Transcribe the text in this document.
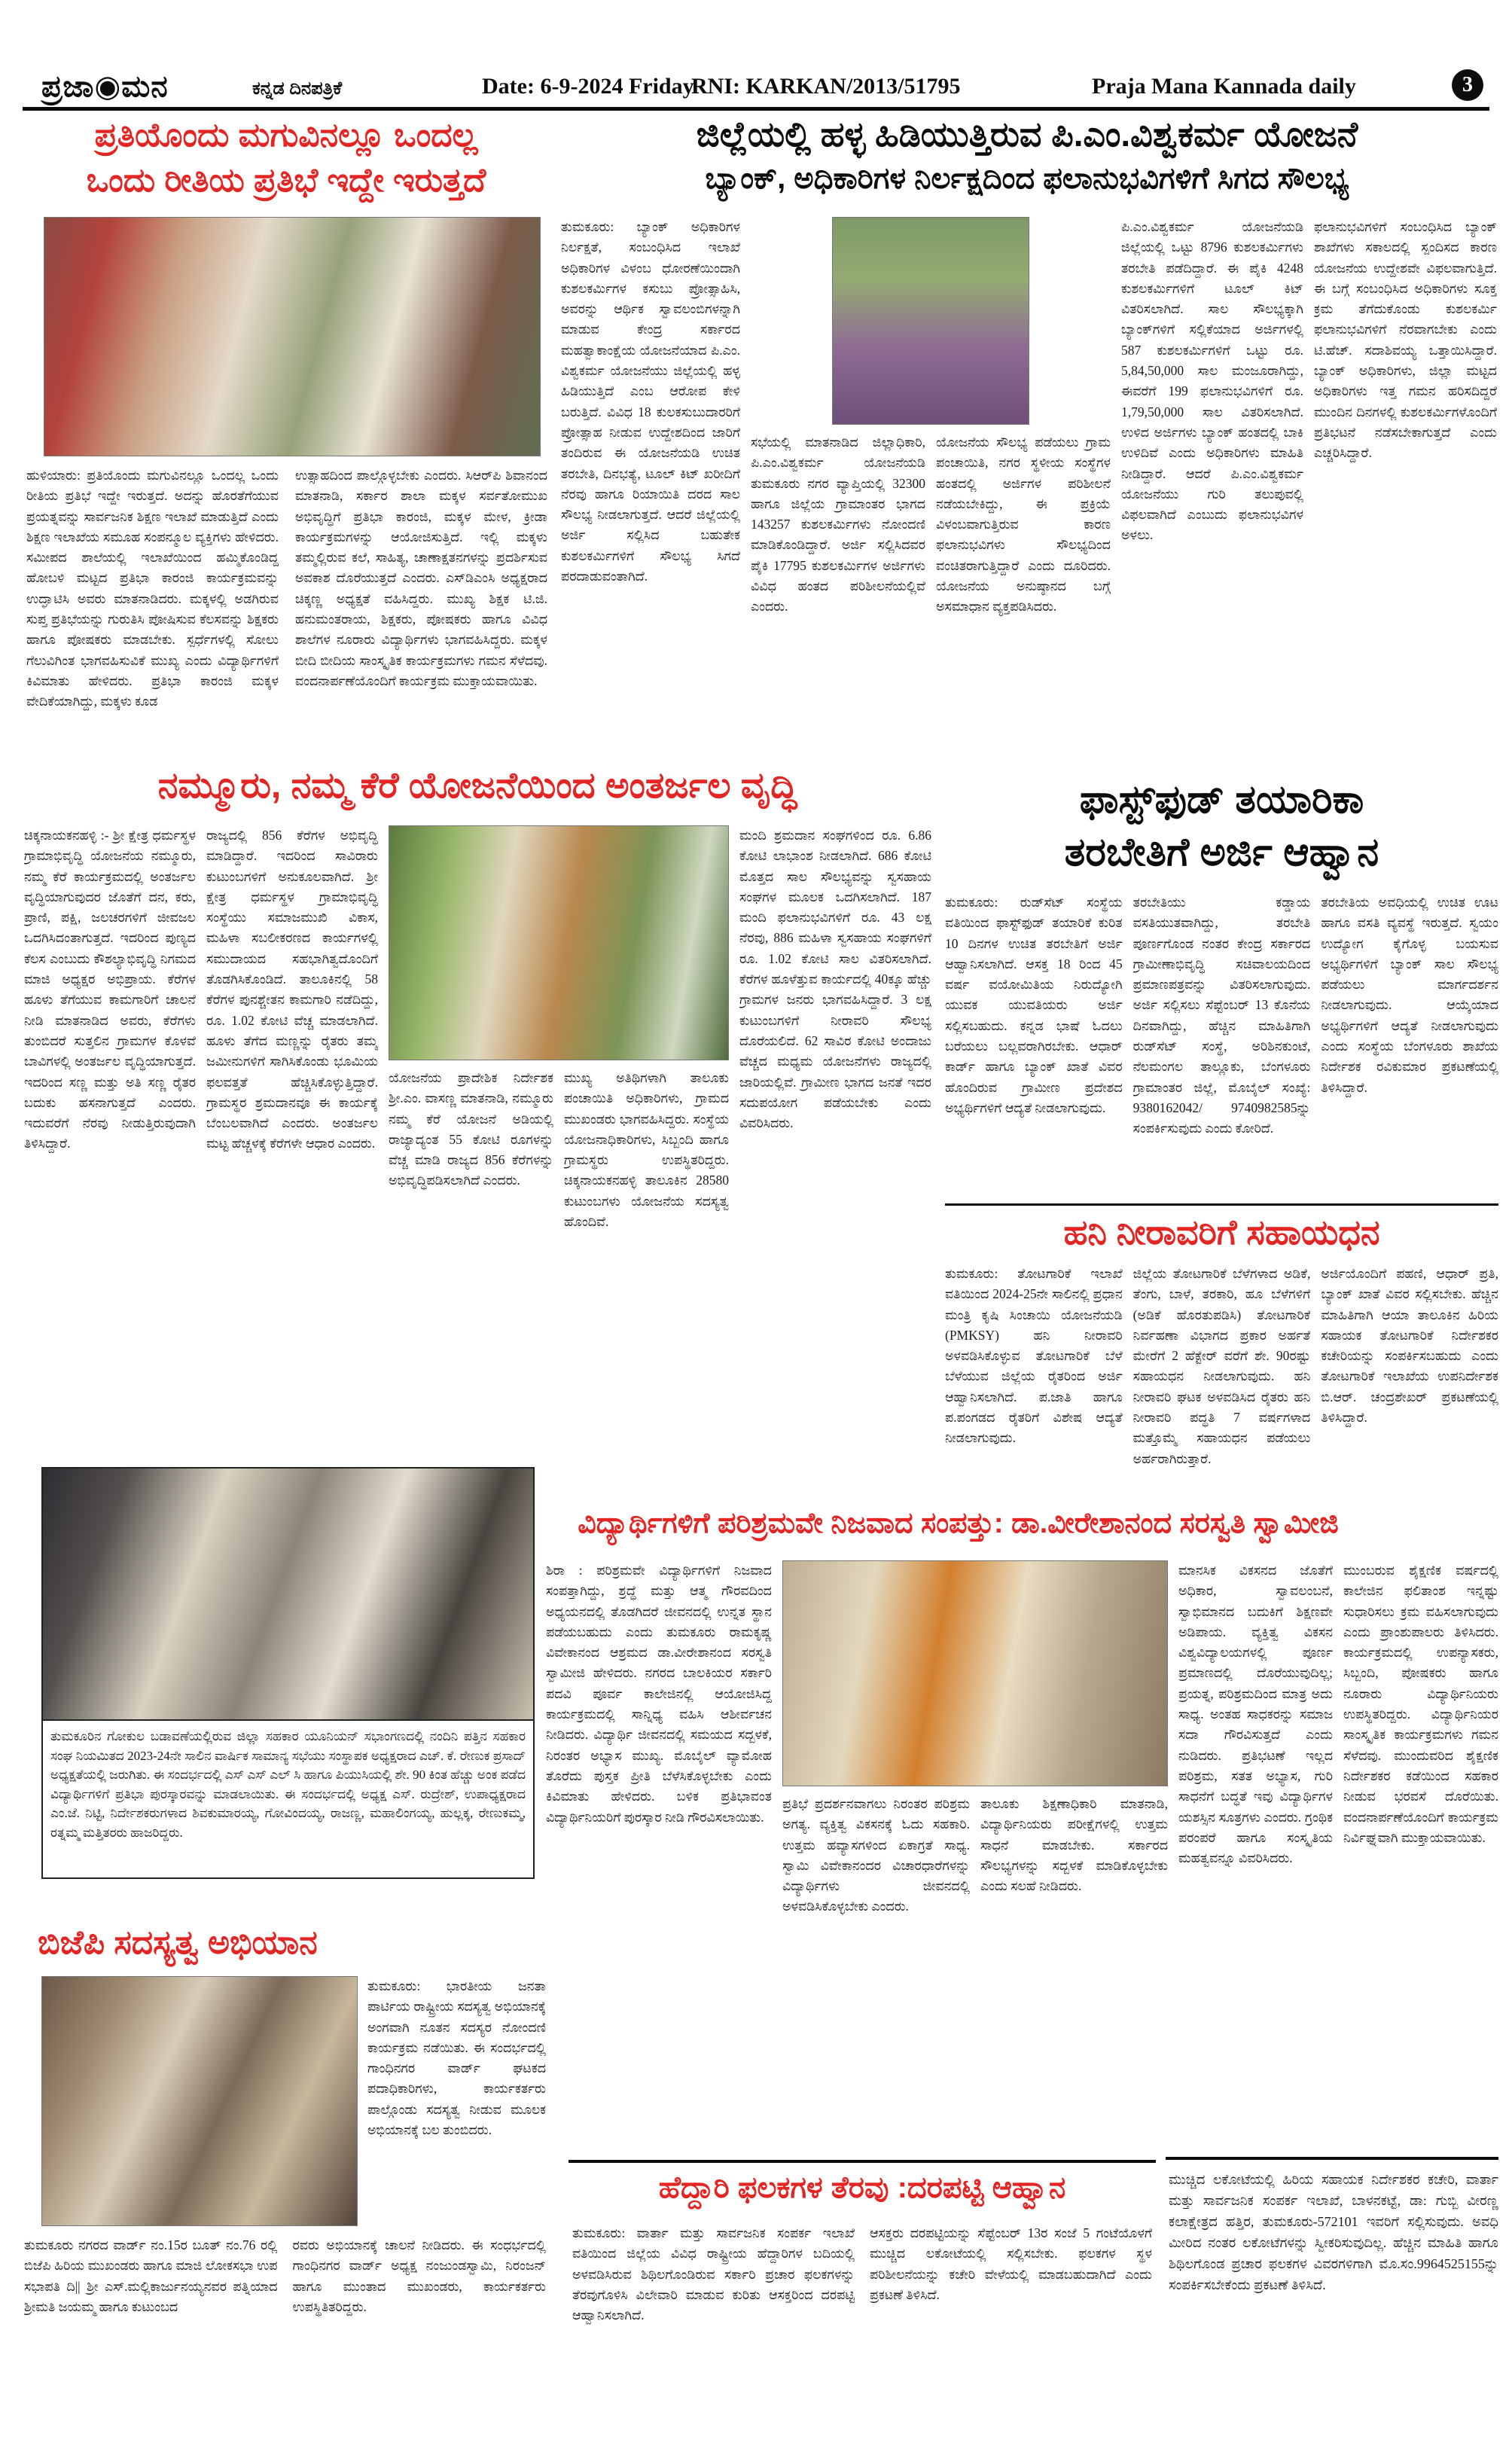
ಪ್ರಜಾ◉ಮನ	ಕನ್ನಡ ದಿನಪತ್ರಿಕೆ	Date: 6-9-2024 Friday
RNI: KARKAN/2013/51795	Praja Mana Kannada daily	3
ಪ್ರತಿಯೊಂದು ಮಗುವಿನಲ್ಲೂ ಒಂದಲ್ಲ
ಒಂದು ರೀತಿಯ ಪ್ರತಿಭೆ ಇದ್ದೇ ಇರುತ್ತದೆ
ಹುಳಿಯಾರು: ಪ್ರತಿಯೊಂದು ಮಗುವಿನಲ್ಲೂ ಒಂದಲ್ಲ ಒಂದು ರೀತಿಯ ಪ್ರತಿಭೆ ಇದ್ದೇ ಇರುತ್ತದೆ. ಅದನ್ನು ಹೊರತೆಗೆಯುವ ಪ್ರಯತ್ನವನ್ನು ಸಾರ್ವಜನಿಕ ಶಿಕ್ಷಣ ಇಲಾಖೆ ಮಾಡುತ್ತಿದೆ ಎಂದು ಶಿಕ್ಷಣ ಇಲಾಖೆಯ ಸಮೂಹ ಸಂಪನ್ಮೂಲ ವ್ಯಕ್ತಿಗಳು ಹೇಳಿದರು. ಸಮೀಪದ ಶಾಲೆಯಲ್ಲಿ ಇಲಾಖೆಯಿಂದ ಹಮ್ಮಿಕೊಂಡಿದ್ದ ಹೋಬಳಿ ಮಟ್ಟದ ಪ್ರತಿಭಾ ಕಾರಂಜಿ ಕಾರ್ಯಕ್ರಮವನ್ನು ಉದ್ಘಾಟಿಸಿ ಅವರು ಮಾತನಾಡಿದರು. ಮಕ್ಕಳಲ್ಲಿ ಅಡಗಿರುವ ಸುಪ್ತ ಪ್ರತಿಭೆಯನ್ನು ಗುರುತಿಸಿ ಪೋಷಿಸುವ ಕೆಲಸವನ್ನು ಶಿಕ್ಷಕರು ಹಾಗೂ ಪೋಷಕರು ಮಾಡಬೇಕು. ಸ್ಪರ್ಧೆಗಳಲ್ಲಿ ಸೋಲು ಗೆಲುವಿಗಿಂತ ಭಾಗವಹಿಸುವಿಕೆ ಮುಖ್ಯ ಎಂದು ವಿದ್ಯಾರ್ಥಿಗಳಿಗೆ ಕಿವಿಮಾತು ಹೇಳಿದರು. ಪ್ರತಿಭಾ ಕಾರಂಜಿ ಮಕ್ಕಳ ವೇದಿಕೆಯಾಗಿದ್ದು, ಮಕ್ಕಳು ಕೂಡ
ಉತ್ಸಾಹದಿಂದ ಪಾಲ್ಗೊಳ್ಳಬೇಕು ಎಂದರು. ಸಿಆರ್‌ಪಿ ಶಿವಾನಂದ ಮಾತನಾಡಿ, ಸರ್ಕಾರ ಶಾಲಾ ಮಕ್ಕಳ ಸರ್ವತೋಮುಖ ಅಭಿವೃದ್ಧಿಗೆ ಪ್ರತಿಭಾ ಕಾರಂಜಿ, ಮಕ್ಕಳ ಮೇಳ, ಕ್ರೀಡಾ ಕಾರ್ಯಕ್ರಮಗಳನ್ನು ಆಯೋಜಿಸುತ್ತಿದೆ. ಇಲ್ಲಿ ಮಕ್ಕಳು ತಮ್ಮಲ್ಲಿರುವ ಕಲೆ, ಸಾಹಿತ್ಯ, ಚಾಣಾಕ್ಷತನಗಳನ್ನು ಪ್ರದರ್ಶಿಸುವ ಅವಕಾಶ ದೊರೆಯುತ್ತದೆ ಎಂದರು. ಎಸ್‌ಡಿಎಂಸಿ ಅಧ್ಯಕ್ಷರಾದ ಚಿಕ್ಕಣ್ಣ ಅಧ್ಯಕ್ಷತೆ ವಹಿಸಿದ್ದರು. ಮುಖ್ಯ ಶಿಕ್ಷಕ ಟಿ.ಜಿ. ಹನುಮಂತರಾಯ, ಶಿಕ್ಷಕರು, ಪೋಷಕರು ಹಾಗೂ ವಿವಿಧ ಶಾಲೆಗಳ ನೂರಾರು ವಿದ್ಯಾರ್ಥಿಗಳು ಭಾಗವಹಿಸಿದ್ದರು. ಮಕ್ಕಳ ಬೀದಿ ಬೀದಿಯ ಸಾಂಸ್ಕೃತಿಕ ಕಾರ್ಯಕ್ರಮಗಳು ಗಮನ ಸೆಳೆದವು. ವಂದನಾರ್ಪಣೆಯೊಂದಿಗೆ ಕಾರ್ಯಕ್ರಮ ಮುಕ್ತಾಯವಾಯಿತು.
ಜಿಲ್ಲೆಯಲ್ಲಿ ಹಳ್ಳ ಹಿಡಿಯುತ್ತಿರುವ ಪಿ.ಎಂ.ವಿಶ್ವಕರ್ಮ ಯೋಜನೆ
ಬ್ಯಾಂಕ್, ಅಧಿಕಾರಿಗಳ ನಿರ್ಲಕ್ಷದಿಂದ ಫಲಾನುಭವಿಗಳಿಗೆ ಸಿಗದ ಸೌಲಭ್ಯ
ತುಮಕೂರು: ಬ್ಯಾಂಕ್ ಅಧಿಕಾರಿಗಳ ನಿರ್ಲಕ್ಷತೆ, ಸಂಬಂಧಿಸಿದ ಇಲಾಖೆ ಅಧಿಕಾರಿಗಳ ವಿಳಂಬ ಧೋರಣೆಯಿಂದಾಗಿ ಕುಶಲಕರ್ಮಿಗಳ ಕಸುಬು ಪ್ರೋತ್ಸಾಹಿಸಿ, ಅವರನ್ನು ಆರ್ಥಿಕ ಸ್ವಾವಲಂಬಿಗಳನ್ನಾಗಿ ಮಾಡುವ ಕೇಂದ್ರ ಸರ್ಕಾರದ ಮಹತ್ವಾಕಾಂಕ್ಷೆಯ ಯೋಜನೆಯಾದ ಪಿ.ಎಂ. ವಿಶ್ವಕರ್ಮ ಯೋಜನೆಯು ಜಿಲ್ಲೆಯಲ್ಲಿ ಹಳ್ಳ ಹಿಡಿಯುತ್ತಿದೆ ಎಂಬ ಆರೋಪ ಕೇಳಿ ಬರುತ್ತಿದೆ. ವಿವಿಧ 18 ಕುಲಕಸುಬುದಾರರಿಗೆ ಪ್ರೋತ್ಸಾಹ ನೀಡುವ ಉದ್ದೇಶದಿಂದ ಜಾರಿಗೆ ತಂದಿರುವ ಈ ಯೋಜನೆಯಡಿ ಉಚಿತ ತರಬೇತಿ, ದಿನಭತ್ಯೆ, ಟೂಲ್ ಕಿಟ್ ಖರೀದಿಗೆ ನೆರವು ಹಾಗೂ ರಿಯಾಯಿತಿ ದರದ ಸಾಲ ಸೌಲಭ್ಯ ನೀಡಲಾಗುತ್ತದೆ. ಆದರೆ ಜಿಲ್ಲೆಯಲ್ಲಿ ಅರ್ಜಿ ಸಲ್ಲಿಸಿದ ಬಹುತೇಕ ಕುಶಲಕರ್ಮಿಗಳಿಗೆ ಸೌಲಭ್ಯ ಸಿಗದೆ ಪರದಾಡುವಂತಾಗಿದೆ.
ಸಭೆಯಲ್ಲಿ ಮಾತನಾಡಿದ ಜಿಲ್ಲಾಧಿಕಾರಿ, ಪಿ.ಎಂ.ವಿಶ್ವಕರ್ಮ ಯೋಜನೆಯಡಿ ತುಮಕೂರು ನಗರ ವ್ಯಾಪ್ತಿಯಲ್ಲಿ 32300 ಹಾಗೂ ಜಿಲ್ಲೆಯ ಗ್ರಾಮಾಂತರ ಭಾಗದ 143257 ಕುಶಲಕರ್ಮಿಗಳು ನೋಂದಣಿ ಮಾಡಿಕೊಂಡಿದ್ದಾರೆ. ಅರ್ಜಿ ಸಲ್ಲಿಸಿದವರ ಪೈಕಿ 17795 ಕುಶಲಕರ್ಮಿಗಳ ಅರ್ಜಿಗಳು ವಿವಿಧ ಹಂತದ ಪರಿಶೀಲನೆಯಲ್ಲಿವೆ ಎಂದರು.
ಯೋಜನೆಯ ಸೌಲಭ್ಯ ಪಡೆಯಲು ಗ್ರಾಮ ಪಂಚಾಯಿತಿ, ನಗರ ಸ್ಥಳೀಯ ಸಂಸ್ಥೆಗಳ ಹಂತದಲ್ಲಿ ಅರ್ಜಿಗಳ ಪರಿಶೀಲನೆ ನಡೆಯಬೇಕಿದ್ದು, ಈ ಪ್ರಕ್ರಿಯೆ ವಿಳಂಬವಾಗುತ್ತಿರುವ ಕಾರಣ ಫಲಾನುಭವಿಗಳು ಸೌಲಭ್ಯದಿಂದ ವಂಚಿತರಾಗುತ್ತಿದ್ದಾರೆ ಎಂದು ದೂರಿದರು. ಯೋಜನೆಯ ಅನುಷ್ಠಾನದ ಬಗ್ಗೆ ಅಸಮಾಧಾನ ವ್ಯಕ್ತಪಡಿಸಿದರು.
ಪಿ.ಎಂ.ವಿಶ್ವಕರ್ಮ ಯೋಜನೆಯಡಿ ಜಿಲ್ಲೆಯಲ್ಲಿ ಒಟ್ಟು 8796 ಕುಶಲಕರ್ಮಿಗಳು ತರಬೇತಿ ಪಡೆದಿದ್ದಾರೆ. ಈ ಪೈಕಿ 4248 ಕುಶಲಕರ್ಮಿಗಳಿಗೆ ಟೂಲ್ ಕಿಟ್ ವಿತರಿಸಲಾಗಿದೆ. ಸಾಲ ಸೌಲಭ್ಯಕ್ಕಾಗಿ ಬ್ಯಾಂಕ್‌ಗಳಿಗೆ ಸಲ್ಲಿಕೆಯಾದ ಅರ್ಜಿಗಳಲ್ಲಿ 587 ಕುಶಲಕರ್ಮಿಗಳಿಗೆ ಒಟ್ಟು ರೂ. 5,84,50,000 ಸಾಲ ಮಂಜೂರಾಗಿದ್ದು, ಈವರೆಗೆ 199 ಫಲಾನುಭವಿಗಳಿಗೆ ರೂ. 1,79,50,000 ಸಾಲ ವಿತರಿಸಲಾಗಿದೆ. ಉಳಿದ ಅರ್ಜಿಗಳು ಬ್ಯಾಂಕ್ ಹಂತದಲ್ಲಿ ಬಾಕಿ ಉಳಿದಿವೆ ಎಂದು ಅಧಿಕಾರಿಗಳು ಮಾಹಿತಿ ನೀಡಿದ್ದಾರೆ. ಆದರೆ ಪಿ.ಎಂ.ವಿಶ್ವಕರ್ಮ ಯೋಜನೆಯು ಗುರಿ ತಲುಪುವಲ್ಲಿ ವಿಫಲವಾಗಿದೆ ಎಂಬುದು ಫಲಾನುಭವಿಗಳ ಅಳಲು.
ಫಲಾನುಭವಿಗಳಿಗೆ ಸಂಬಂಧಿಸಿದ ಬ್ಯಾಂಕ್ ಶಾಖೆಗಳು ಸಕಾಲದಲ್ಲಿ ಸ್ಪಂದಿಸದ ಕಾರಣ ಯೋಜನೆಯ ಉದ್ದೇಶವೇ ವಿಫಲವಾಗುತ್ತಿದೆ. ಈ ಬಗ್ಗೆ ಸಂಬಂಧಿಸಿದ ಅಧಿಕಾರಿಗಳು ಸೂಕ್ತ ಕ್ರಮ ತೆಗೆದುಕೊಂಡು ಕುಶಲಕರ್ಮಿ ಫಲಾನುಭವಿಗಳಿಗೆ ನೆರವಾಗಬೇಕು ಎಂದು ಟಿ.ಹೆಚ್. ಸದಾಶಿವಯ್ಯ ಒತ್ತಾಯಿಸಿದ್ದಾರೆ. ಬ್ಯಾಂಕ್ ಅಧಿಕಾರಿಗಳು, ಜಿಲ್ಲಾ ಮಟ್ಟದ ಅಧಿಕಾರಿಗಳು ಇತ್ತ ಗಮನ ಹರಿಸದಿದ್ದರೆ ಮುಂದಿನ ದಿನಗಳಲ್ಲಿ ಕುಶಲಕರ್ಮಿಗಳೊಂದಿಗೆ ಪ್ರತಿಭಟನೆ ನಡೆಸಬೇಕಾಗುತ್ತದೆ ಎಂದು ಎಚ್ಚರಿಸಿದ್ದಾರೆ.
ನಮ್ಮೂರು, ನಮ್ಮ ಕೆರೆ ಯೋಜನೆಯಿಂದ ಅಂತರ್ಜಲ ವೃದ್ಧಿ
ಚಿಕ್ಕನಾಯಕನಹಳ್ಳಿ :- ಶ್ರೀ ಕ್ಷೇತ್ರ ಧರ್ಮಸ್ಥಳ ಗ್ರಾಮಾಭಿವೃದ್ಧಿ ಯೋಜನೆಯ ನಮ್ಮೂರು, ನಮ್ಮ ಕೆರೆ ಕಾರ್ಯಕ್ರಮದಲ್ಲಿ ಅಂತರ್ಜಲ ವೃದ್ಧಿಯಾಗುವುದರ ಜೊತೆಗೆ ದನ, ಕರು, ಪ್ರಾಣಿ, ಪಕ್ಷಿ, ಜಲಚರಗಳಿಗೆ ಜೀವಜಲ ಒದಗಿಸಿದಂತಾಗುತ್ತದೆ. ಇದರಿಂದ ಪುಣ್ಯದ ಕೆಲಸ ಎಂಬುದು ಕೌಶಲ್ಯಾಭಿವೃದ್ಧಿ ನಿಗಮದ ಮಾಜಿ ಅಧ್ಯಕ್ಷರ ಅಭಿಪ್ರಾಯ. ಕೆರೆಗಳ ಹೂಳು ತೆಗೆಯುವ ಕಾಮಗಾರಿಗೆ ಚಾಲನೆ ನೀಡಿ ಮಾತನಾಡಿದ ಅವರು, ಕೆರೆಗಳು ತುಂಬಿದರೆ ಸುತ್ತಲಿನ ಗ್ರಾಮಗಳ ಕೊಳವೆ ಬಾವಿಗಳಲ್ಲಿ ಅಂತರ್ಜಲ ವೃದ್ಧಿಯಾಗುತ್ತದೆ. ಇದರಿಂದ ಸಣ್ಣ ಮತ್ತು ಅತಿ ಸಣ್ಣ ರೈತರ ಬದುಕು ಹಸನಾಗುತ್ತದೆ ಎಂದರು. ಇದುವರೆಗೆ ನೆರವು ನೀಡುತ್ತಿರುವುದಾಗಿ ತಿಳಿಸಿದ್ದಾರೆ.
ರಾಜ್ಯದಲ್ಲಿ 856 ಕೆರೆಗಳ ಅಭಿವೃದ್ಧಿ ಮಾಡಿದ್ದಾರೆ. ಇದರಿಂದ ಸಾವಿರಾರು ಕುಟುಂಬಗಳಿಗೆ ಅನುಕೂಲವಾಗಿದೆ. ಶ್ರೀ ಕ್ಷೇತ್ರ ಧರ್ಮಸ್ಥಳ ಗ್ರಾಮಾಭಿವೃದ್ಧಿ ಸಂಸ್ಥೆಯು ಸಮಾಜಮುಖಿ ವಿಕಾಸ, ಮಹಿಳಾ ಸಬಲೀಕರಣದ ಕಾರ್ಯಗಳಲ್ಲಿ ಸಮುದಾಯದ ಸಹಭಾಗಿತ್ವದೊಂದಿಗೆ ತೊಡಗಿಸಿಕೊಂಡಿದೆ. ತಾಲೂಕಿನಲ್ಲಿ 58 ಕೆರೆಗಳ ಪುನಶ್ಚೇತನ ಕಾಮಗಾರಿ ನಡೆದಿದ್ದು, ರೂ. 1.02 ಕೋಟಿ ವೆಚ್ಚ ಮಾಡಲಾಗಿದೆ. ಹೂಳು ತೆಗೆದ ಮಣ್ಣನ್ನು ರೈತರು ತಮ್ಮ ಜಮೀನುಗಳಿಗೆ ಸಾಗಿಸಿಕೊಂಡು ಭೂಮಿಯ ಫಲವತ್ತತೆ ಹೆಚ್ಚಿಸಿಕೊಳ್ಳುತ್ತಿದ್ದಾರೆ. ಗ್ರಾಮಸ್ಥರ ಶ್ರಮದಾನವೂ ಈ ಕಾರ್ಯಕ್ಕೆ ಬೆಂಬಲವಾಗಿದೆ ಎಂದರು. ಅಂತರ್ಜಲ ಮಟ್ಟ ಹೆಚ್ಚಳಕ್ಕೆ ಕೆರೆಗಳೇ ಆಧಾರ ಎಂದರು.
ಯೋಜನೆಯ ಪ್ರಾದೇಶಿಕ ನಿರ್ದೇಶಕ ಶ್ರೀ.ಎಂ. ವಾಸಣ್ಣ ಮಾತನಾಡಿ, ನಮ್ಮೂರು ನಮ್ಮ ಕೆರೆ ಯೋಜನೆ ಅಡಿಯಲ್ಲಿ ರಾಜ್ಯಾದ್ಯಂತ 55 ಕೋಟಿ ರೂಗಳನ್ನು ವೆಚ್ಚ ಮಾಡಿ ರಾಜ್ಯದ 856 ಕೆರೆಗಳನ್ನು ಅಭಿವೃದ್ಧಿಪಡಿಸಲಾಗಿದೆ ಎಂದರು.
ಮುಖ್ಯ ಅತಿಥಿಗಳಾಗಿ ತಾಲೂಕು ಪಂಚಾಯಿತಿ ಅಧಿಕಾರಿಗಳು, ಗ್ರಾಮದ ಮುಖಂಡರು ಭಾಗವಹಿಸಿದ್ದರು. ಸಂಸ್ಥೆಯ ಯೋಜನಾಧಿಕಾರಿಗಳು, ಸಿಬ್ಬಂದಿ ಹಾಗೂ ಗ್ರಾಮಸ್ಥರು ಉಪಸ್ಥಿತರಿದ್ದರು. ಚಿಕ್ಕನಾಯಕನಹಳ್ಳಿ ತಾಲೂಕಿನ 28580 ಕುಟುಂಬಗಳು ಯೋಜನೆಯ ಸದಸ್ಯತ್ವ ಹೊಂದಿವೆ.
ಮಂದಿ ಶ್ರಮದಾನ ಸಂಘಗಳಿಂದ ರೂ. 6.86 ಕೋಟಿ ಲಾಭಾಂಶ ನೀಡಲಾಗಿದೆ. 686 ಕೋಟಿ ಮೊತ್ತದ ಸಾಲ ಸೌಲಭ್ಯವನ್ನು ಸ್ವಸಹಾಯ ಸಂಘಗಳ ಮೂಲಕ ಒದಗಿಸಲಾಗಿದೆ. 187 ಮಂದಿ ಫಲಾನುಭವಿಗಳಿಗೆ ರೂ. 43 ಲಕ್ಷ ನೆರವು, 886 ಮಹಿಳಾ ಸ್ವಸಹಾಯ ಸಂಘಗಳಿಗೆ ರೂ. 1.02 ಕೋಟಿ ಸಾಲ ವಿತರಿಸಲಾಗಿದೆ. ಕೆರೆಗಳ ಹೂಳೆತ್ತುವ ಕಾರ್ಯದಲ್ಲಿ 40ಕ್ಕೂ ಹೆಚ್ಚು ಗ್ರಾಮಗಳ ಜನರು ಭಾಗವಹಿಸಿದ್ದಾರೆ. 3 ಲಕ್ಷ ಕುಟುಂಬಗಳಿಗೆ ನೀರಾವರಿ ಸೌಲಭ್ಯ ದೊರೆಯಲಿದೆ. 62 ಸಾವಿರ ಕೋಟಿ ಅಂದಾಜು ವೆಚ್ಚದ ಮಧ್ಯಮ ಯೋಜನೆಗಳು ರಾಜ್ಯದಲ್ಲಿ ಜಾರಿಯಲ್ಲಿವೆ. ಗ್ರಾಮೀಣ ಭಾಗದ ಜನತೆ ಇದರ ಸದುಪಯೋಗ ಪಡೆಯಬೇಕು ಎಂದು ವಿವರಿಸಿದರು.
ಫಾಸ್ಟ್‌ಫುಡ್ ತಯಾರಿಕಾ
ತರಬೇತಿಗೆ ಅರ್ಜಿ ಆಹ್ವಾನ
ತುಮಕೂರು: ರುಡ್‌ಸೆಟ್ ಸಂಸ್ಥೆಯ ವತಿಯಿಂದ ಫಾಸ್ಟ್‌ಫುಡ್ ತಯಾರಿಕೆ ಕುರಿತ 10 ದಿನಗಳ ಉಚಿತ ತರಬೇತಿಗೆ ಅರ್ಜಿ ಆಹ್ವಾನಿಸಲಾಗಿದೆ. ಆಸಕ್ತ 18 ರಿಂದ 45 ವರ್ಷ ವಯೋಮಿತಿಯ ನಿರುದ್ಯೋಗಿ ಯುವಕ ಯುವತಿಯರು ಅರ್ಜಿ ಸಲ್ಲಿಸಬಹುದು. ಕನ್ನಡ ಭಾಷೆ ಓದಲು ಬರೆಯಲು ಬಲ್ಲವರಾಗಿರಬೇಕು. ಆಧಾರ್ ಕಾರ್ಡ್ ಹಾಗೂ ಬ್ಯಾಂಕ್ ಖಾತೆ ವಿವರ ಹೊಂದಿರುವ ಗ್ರಾಮೀಣ ಪ್ರದೇಶದ ಅಭ್ಯರ್ಥಿಗಳಿಗೆ ಆದ್ಯತೆ ನೀಡಲಾಗುವುದು.
ತರಬೇತಿಯು ಕಡ್ಡಾಯ ವಸತಿಯುತವಾಗಿದ್ದು, ತರಬೇತಿ ಪೂರ್ಣಗೊಂಡ ನಂತರ ಕೇಂದ್ರ ಸರ್ಕಾರದ ಗ್ರಾಮೀಣಾಭಿವೃದ್ಧಿ ಸಚಿವಾಲಯದಿಂದ ಪ್ರಮಾಣಪತ್ರವನ್ನು ವಿತರಿಸಲಾಗುವುದು. ಅರ್ಜಿ ಸಲ್ಲಿಸಲು ಸೆಪ್ಟೆಂಬರ್ 13 ಕೊನೆಯ ದಿನವಾಗಿದ್ದು, ಹೆಚ್ಚಿನ ಮಾಹಿತಿಗಾಗಿ ರುಡ್‌ಸೆಟ್ ಸಂಸ್ಥೆ, ಅರಿಶಿನಕುಂಟೆ, ನೆಲಮಂಗಲ ತಾಲ್ಲೂಕು, ಬೆಂಗಳೂರು ಗ್ರಾಮಾಂತರ ಜಿಲ್ಲೆ, ಮೊಬೈಲ್ ಸಂಖ್ಯೆ: 9380162042/ 9740982585ನ್ನು ಸಂಪರ್ಕಿಸುವುದು ಎಂದು ಕೋರಿದೆ.
ತರಬೇತಿಯ ಅವಧಿಯಲ್ಲಿ ಉಚಿತ ಊಟ ಹಾಗೂ ವಸತಿ ವ್ಯವಸ್ಥೆ ಇರುತ್ತದೆ. ಸ್ವಯಂ ಉದ್ಯೋಗ ಕೈಗೊಳ್ಳ ಬಯಸುವ ಅಭ್ಯರ್ಥಿಗಳಿಗೆ ಬ್ಯಾಂಕ್ ಸಾಲ ಸೌಲಭ್ಯ ಪಡೆಯಲು ಮಾರ್ಗದರ್ಶನ ನೀಡಲಾಗುವುದು. ಆಯ್ಕೆಯಾದ ಅಭ್ಯರ್ಥಿಗಳಿಗೆ ಆದ್ಯತೆ ನೀಡಲಾಗುವುದು ಎಂದು ಸಂಸ್ಥೆಯ ಬೆಂಗಳೂರು ಶಾಖೆಯ ನಿರ್ದೇಶಕ ರವಿಕುಮಾರ ಪ್ರಕಟಣೆಯಲ್ಲಿ ತಿಳಿಸಿದ್ದಾರೆ.
ಹನಿ ನೀರಾವರಿಗೆ ಸಹಾಯಧನ
ತುಮಕೂರು: ತೋಟಗಾರಿಕೆ ಇಲಾಖೆ ವತಿಯಿಂದ 2024-25ನೇ ಸಾಲಿನಲ್ಲಿ ಪ್ರಧಾನ ಮಂತ್ರಿ ಕೃಷಿ ಸಿಂಚಾಯಿ ಯೋಜನೆಯಡಿ (PMKSY) ಹನಿ ನೀರಾವರಿ ಅಳವಡಿಸಿಕೊಳ್ಳುವ ತೋಟಗಾರಿಕೆ ಬೆಳೆ ಬೆಳೆಯುವ ಜಿಲ್ಲೆಯ ರೈತರಿಂದ ಅರ್ಜಿ ಆಹ್ವಾನಿಸಲಾಗಿದೆ. ಪ.ಜಾತಿ ಹಾಗೂ ಪ.ಪಂಗಡದ ರೈತರಿಗೆ ವಿಶೇಷ ಆದ್ಯತೆ ನೀಡಲಾಗುವುದು.
ಜಿಲ್ಲೆಯ ತೋಟಗಾರಿಕೆ ಬೆಳೆಗಳಾದ ಅಡಿಕೆ, ತೆಂಗು, ಬಾಳೆ, ತರಕಾರಿ, ಹೂ ಬೆಳೆಗಳಿಗೆ (ಅಡಿಕೆ ಹೊರತುಪಡಿಸಿ) ತೋಟಗಾರಿಕೆ ನಿರ್ವಹಣಾ ವಿಭಾಗದ ಪ್ರಕಾರ ಅರ್ಹತೆ ಮೇರೆಗೆ 2 ಹೆಕ್ಟೇರ್ ವರೆಗೆ ಶೇ. 90ರಷ್ಟು ಸಹಾಯಧನ ನೀಡಲಾಗುವುದು. ಹನಿ ನೀರಾವರಿ ಘಟಕ ಅಳವಡಿಸಿದ ರೈತರು ಹನಿ ನೀರಾವರಿ ಪದ್ಧತಿ 7 ವರ್ಷಗಳಾದ ಮತ್ತೊಮ್ಮೆ ಸಹಾಯಧನ ಪಡೆಯಲು ಅರ್ಹರಾಗಿರುತ್ತಾರೆ.
ಅರ್ಜಿಯೊಂದಿಗೆ ಪಹಣಿ, ಆಧಾರ್ ಪ್ರತಿ, ಬ್ಯಾಂಕ್ ಖಾತೆ ವಿವರ ಸಲ್ಲಿಸಬೇಕು. ಹೆಚ್ಚಿನ ಮಾಹಿತಿಗಾಗಿ ಆಯಾ ತಾಲೂಕಿನ ಹಿರಿಯ ಸಹಾಯಕ ತೋಟಗಾರಿಕೆ ನಿರ್ದೇಶಕರ ಕಚೇರಿಯನ್ನು ಸಂಪರ್ಕಿಸಬಹುದು ಎಂದು ತೋಟಗಾರಿಕೆ ಇಲಾಖೆಯ ಉಪನಿರ್ದೇಶಕ ಬಿ.ಆರ್. ಚಂದ್ರಶೇಖರ್ ಪ್ರಕಟಣೆಯಲ್ಲಿ ತಿಳಿಸಿದ್ದಾರೆ.
ವಿದ್ಯಾರ್ಥಿಗಳಿಗೆ ಪರಿಶ್ರಮವೇ ನಿಜವಾದ ಸಂಪತ್ತು: ಡಾ.ವೀರೇಶಾನಂದ ಸರಸ್ವತಿ ಸ್ವಾಮೀಜಿ
ತುಮಕೂರಿನ ಗೋಕುಲ ಬಡಾವಣೆಯಲ್ಲಿರುವ ಜಿಲ್ಲಾ ಸಹಕಾರ ಯೂನಿಯನ್ ಸಭಾಂಗಣದಲ್ಲಿ ನಂದಿನಿ ಪತ್ತಿನ ಸಹಕಾರ ಸಂಘ ನಿಯಮಿತದ 2023-24ನೇ ಸಾಲಿನ ವಾರ್ಷಿಕ ಸಾಮಾನ್ಯ ಸಭೆಯು ಸಂಸ್ಥಾಪಕ ಅಧ್ಯಕ್ಷರಾದ ಎಚ್. ಕೆ. ರೇಣುಕ ಪ್ರಸಾದ್ ಅಧ್ಯಕ್ಷತೆಯಲ್ಲಿ ಜರುಗಿತು. ಈ ಸಂದರ್ಭದಲ್ಲಿ ಎಸ್ ಎಸ್ ಎಲ್ ಸಿ ಹಾಗೂ ಪಿಯುಸಿಯಲ್ಲಿ ಶೇ. 90 ಕಿಂತ ಹೆಚ್ಚು ಅಂಕ ಪಡೆದ ವಿದ್ಯಾರ್ಥಿಗಳಿಗೆ ಪ್ರತಿಭಾ ಪುರಸ್ಕಾರವನ್ನು ಮಾಡಲಾಯಿತು. ಈ ಸಂದರ್ಭದಲ್ಲಿ ಅಧ್ಯಕ್ಷ ಎಸ್. ರುದ್ರೇಶ್, ಉಪಾಧ್ಯಕ್ಷರಾದ ಎಂ.ಜೆ. ನಿಟ್ಟಿ, ನಿರ್ದೇಶಕರುಗಳಾದ ಶಿವಕುಮಾರಯ್ಯ, ಗೋವಿಂದಯ್ಯ, ರಾಜಣ್ಣ, ಮಹಾಲಿಂಗಯ್ಯ, ಹುಲ್ಲಕ್ಕ, ರೇಣುಕಮ್ಮ, ರತ್ನಮ್ಮ ಮತ್ತಿತರರು ಹಾಜರಿದ್ದರು.
ಶಿರಾ : ಪರಿಶ್ರಮವೇ ವಿದ್ಯಾರ್ಥಿಗಳಿಗೆ ನಿಜವಾದ ಸಂಪತ್ತಾಗಿದ್ದು, ಶ್ರದ್ಧೆ ಮತ್ತು ಆತ್ಮ ಗೌರವದಿಂದ ಅಧ್ಯಯನದಲ್ಲಿ ತೊಡಗಿದರೆ ಜೀವನದಲ್ಲಿ ಉನ್ನತ ಸ್ಥಾನ ಪಡೆಯಬಹುದು ಎಂದು ತುಮಕೂರು ರಾಮಕೃಷ್ಣ ವಿವೇಕಾನಂದ ಆಶ್ರಮದ ಡಾ.ವೀರೇಶಾನಂದ ಸರಸ್ವತಿ ಸ್ವಾಮೀಜಿ ಹೇಳಿದರು. ನಗರದ ಬಾಲಕಿಯರ ಸರ್ಕಾರಿ ಪದವಿ ಪೂರ್ವ ಕಾಲೇಜಿನಲ್ಲಿ ಆಯೋಜಿಸಿದ್ದ ಕಾರ್ಯಕ್ರಮದಲ್ಲಿ ಸಾನ್ನಿಧ್ಯ ವಹಿಸಿ ಆಶೀರ್ವಚನ ನೀಡಿದರು. ವಿದ್ಯಾರ್ಥಿ ಜೀವನದಲ್ಲಿ ಸಮಯದ ಸದ್ಬಳಕೆ, ನಿರಂತರ ಅಭ್ಯಾಸ ಮುಖ್ಯ. ಮೊಬೈಲ್ ವ್ಯಾಮೋಹ ತೊರೆದು ಪುಸ್ತಕ ಪ್ರೀತಿ ಬೆಳೆಸಿಕೊಳ್ಳಬೇಕು ಎಂದು ಕಿವಿಮಾತು ಹೇಳಿದರು. ಬಳಿಕ ಪ್ರತಿಭಾವಂತ ವಿದ್ಯಾರ್ಥಿನಿಯರಿಗೆ ಪುರಸ್ಕಾರ ನೀಡಿ ಗೌರವಿಸಲಾಯಿತು.
ಪ್ರತಿಭೆ ಪ್ರದರ್ಶನವಾಗಲು ನಿರಂತರ ಪರಿಶ್ರಮ ಅಗತ್ಯ. ವ್ಯಕ್ತಿತ್ವ ವಿಕಸನಕ್ಕೆ ಓದು ಸಹಕಾರಿ. ಉತ್ತಮ ಹವ್ಯಾಸಗಳಿಂದ ಏಕಾಗ್ರತೆ ಸಾಧ್ಯ. ಸ್ವಾಮಿ ವಿವೇಕಾನಂದರ ವಿಚಾರಧಾರೆಗಳನ್ನು ವಿದ್ಯಾರ್ಥಿಗಳು ಜೀವನದಲ್ಲಿ ಅಳವಡಿಸಿಕೊಳ್ಳಬೇಕು ಎಂದರು.
ತಾಲೂಕು ಶಿಕ್ಷಣಾಧಿಕಾರಿ ಮಾತನಾಡಿ, ವಿದ್ಯಾರ್ಥಿನಿಯರು ಪರೀಕ್ಷೆಗಳಲ್ಲಿ ಉತ್ತಮ ಸಾಧನೆ ಮಾಡಬೇಕು. ಸರ್ಕಾರದ ಸೌಲಭ್ಯಗಳನ್ನು ಸದ್ಬಳಕೆ ಮಾಡಿಕೊಳ್ಳಬೇಕು ಎಂದು ಸಲಹೆ ನೀಡಿದರು.
ಮಾನಸಿಕ ವಿಕಸನದ ಜೊತೆಗೆ ಅಧಿಕಾರ, ಸ್ವಾವಲಂಬನೆ, ಸ್ವಾಭಿಮಾನದ ಬದುಕಿಗೆ ಶಿಕ್ಷಣವೇ ಅಡಿಪಾಯ. ವ್ಯಕ್ತಿತ್ವ ವಿಕಸನ ವಿಶ್ವವಿದ್ಯಾಲಯಗಳಲ್ಲಿ ಪೂರ್ಣ ಪ್ರಮಾಣದಲ್ಲಿ ದೊರೆಯುವುದಿಲ್ಲ; ಪ್ರಯತ್ನ, ಪರಿಶ್ರಮದಿಂದ ಮಾತ್ರ ಅದು ಸಾಧ್ಯ. ಅಂತಹ ಸಾಧಕರನ್ನು ಸಮಾಜ ಸದಾ ಗೌರವಿಸುತ್ತದೆ ಎಂದು ನುಡಿದರು. ಪ್ರತಿಭಟಣೆ ಇಲ್ಲದ ಪರಿಶ್ರಮ, ಸತತ ಅಭ್ಯಾಸ, ಗುರಿ ಸಾಧನೆಗೆ ಬದ್ಧತೆ ಇವು ವಿದ್ಯಾರ್ಥಿಗಳ ಯಶಸ್ಸಿನ ಸೂತ್ರಗಳು ಎಂದರು. ಗ್ರಂಥಿಕ ಪರಂಪರೆ ಹಾಗೂ ಸಂಸ್ಕೃತಿಯ ಮಹತ್ವವನ್ನೂ ವಿವರಿಸಿದರು.
ಮುಂಬರುವ ಶೈಕ್ಷಣಿಕ ವರ್ಷದಲ್ಲಿ ಕಾಲೇಜಿನ ಫಲಿತಾಂಶ ಇನ್ನಷ್ಟು ಸುಧಾರಿಸಲು ಕ್ರಮ ವಹಿಸಲಾಗುವುದು ಎಂದು ಪ್ರಾಂಶುಪಾಲರು ತಿಳಿಸಿದರು. ಕಾರ್ಯಕ್ರಮದಲ್ಲಿ ಉಪನ್ಯಾಸಕರು, ಸಿಬ್ಬಂದಿ, ಪೋಷಕರು ಹಾಗೂ ನೂರಾರು ವಿದ್ಯಾರ್ಥಿನಿಯರು ಉಪಸ್ಥಿತರಿದ್ದರು. ವಿದ್ಯಾರ್ಥಿನಿಯರ ಸಾಂಸ್ಕೃತಿಕ ಕಾರ್ಯಕ್ರಮಗಳು ಗಮನ ಸೆಳೆದವು. ಮುಂದುವರಿದ ಶೈಕ್ಷಣಿಕ ನಿರ್ದೇಶಕರ ಕಡೆಯಿಂದ ಸಹಕಾರ ನೀಡುವ ಭರವಸೆ ದೊರೆಯಿತು. ವಂದನಾರ್ಪಣೆಯೊಂದಿಗೆ ಕಾರ್ಯಕ್ರಮ ನಿರ್ವಿಘ್ನವಾಗಿ ಮುಕ್ತಾಯವಾಯಿತು.
ಬಿಜೆಪಿ ಸದಸ್ಯತ್ವ ಅಭಿಯಾನ
ತುಮಕೂರು: ಭಾರತೀಯ ಜನತಾ ಪಾರ್ಟಿಯ ರಾಷ್ಟ್ರೀಯ ಸದಸ್ಯತ್ವ ಅಭಿಯಾನಕ್ಕೆ ಅಂಗವಾಗಿ ನೂತನ ಸದಸ್ಯರ ನೋಂದಣಿ ಕಾರ್ಯಕ್ರಮ ನಡೆಯಿತು. ಈ ಸಂದರ್ಭದಲ್ಲಿ ಗಾಂಧಿನಗರ ವಾರ್ಡ್ ಘಟಕದ ಪದಾಧಿಕಾರಿಗಳು, ಕಾರ್ಯಕರ್ತರು ಪಾಲ್ಗೊಂಡು ಸದಸ್ಯತ್ವ ನೀಡುವ ಮೂಲಕ ಅಭಿಯಾನಕ್ಕೆ ಬಲ ತುಂಬಿದರು.
ತುಮಕೂರು ನಗರದ ವಾರ್ಡ್ ನಂ.15ರ ಬೂತ್ ನಂ.76 ರಲ್ಲಿ ಬಿಜೆಪಿ ಹಿರಿಯ ಮುಖಂಡರು ಹಾಗೂ ಮಾಜಿ ಲೋಕಸಭಾ ಉಪ ಸಭಾಪತಿ ದಿ|| ಶ್ರೀ ಎಸ್.ಮಲ್ಲಿಕಾರ್ಜುನಯ್ಯನವರ ಪತ್ನಿಯಾದ ಶ್ರೀಮತಿ ಜಯಮ್ಮ ಹಾಗೂ ಕುಟುಂಬದ
ರವರು ಅಭಿಯಾನಕ್ಕೆ ಚಾಲನೆ ನೀಡಿದರು. ಈ ಸಂಧರ್ಭದಲ್ಲಿ ಗಾಂಧಿನಗರ ವಾರ್ಡ್ ಅಧ್ಯಕ್ಷ ನಂಜುಂಡಸ್ವಾಮಿ, ನಿರಂಜನ್ ಹಾಗೂ ಮುಂತಾದ ಮುಖಂಡರು, ಕಾರ್ಯಕರ್ತರು ಉಪಸ್ಥಿತಿತರಿದ್ದರು.
ಹೆದ್ದಾರಿ ಫಲಕಗಳ ತೆರವು :ದರಪಟ್ಟಿ ಆಹ್ವಾನ
ತುಮಕೂರು: ವಾರ್ತಾ ಮತ್ತು ಸಾರ್ವಜನಿಕ ಸಂಪರ್ಕ ಇಲಾಖೆ ವತಿಯಿಂದ ಜಿಲ್ಲೆಯ ವಿವಿಧ ರಾಷ್ಟ್ರೀಯ ಹೆದ್ದಾರಿಗಳ ಬದಿಯಲ್ಲಿ ಅಳವಡಿಸಿರುವ ಶಿಥಿಲಗೊಂಡಿರುವ ಸರ್ಕಾರಿ ಪ್ರಚಾರ ಫಲಕಗಳನ್ನು ತೆರವುಗೊಳಿಸಿ ವಿಲೇವಾರಿ ಮಾಡುವ ಕುರಿತು ಆಸಕ್ತರಿಂದ ದರಪಟ್ಟಿ ಆಹ್ವಾನಿಸಲಾಗಿದೆ.
ಆಸಕ್ತರು ದರಪಟ್ಟಿಯನ್ನು ಸೆಪ್ಟೆಂಬರ್ 13ರ ಸಂಜೆ 5 ಗಂಟೆಯೊಳಗೆ ಮುಚ್ಚಿದ ಲಕೋಟೆಯಲ್ಲಿ ಸಲ್ಲಿಸಬೇಕು. ಫಲಕಗಳ ಸ್ಥಳ ಪರಿಶೀಲನೆಯನ್ನು ಕಚೇರಿ ವೇಳೆಯಲ್ಲಿ ಮಾಡಬಹುದಾಗಿದೆ ಎಂದು ಪ್ರಕಟಣೆ ತಿಳಿಸಿದೆ.
ಮುಚ್ಚಿದ ಲಕೋಟೆಯಲ್ಲಿ ಹಿರಿಯ ಸಹಾಯಕ ನಿರ್ದೇಶಕರ ಕಚೇರಿ, ವಾರ್ತಾ ಮತ್ತು ಸಾರ್ವಜನಿಕ ಸಂಪರ್ಕ ಇಲಾಖೆ, ಬಾಳನಕಟ್ಟೆ, ಡಾ: ಗುಬ್ಬಿ ವೀರಣ್ಣ ಕಲಾಕ್ಷೇತ್ರದ ಹತ್ತಿರ, ತುಮಕೂರು-572101 ಇವರಿಗೆ ಸಲ್ಲಿಸುವುದು. ಅವಧಿ ಮೀರಿದ ನಂತರ ಲಕೋಟೆಗಳನ್ನು ಸ್ವೀಕರಿಸುವುದಿಲ್ಲ. ಹೆಚ್ಚಿನ ಮಾಹಿತಿ ಹಾಗೂ ಶಿಥಿಲಗೊಂಡ ಪ್ರಚಾರ ಫಲಕಗಳ ವಿವರಗಳಿಗಾಗಿ ಮೊ.ಸಂ.9964525155ನ್ನು ಸಂಪರ್ಕಿಸಬೇಕೆಂದು ಪ್ರಕಟಣೆ ತಿಳಿಸಿದೆ.
